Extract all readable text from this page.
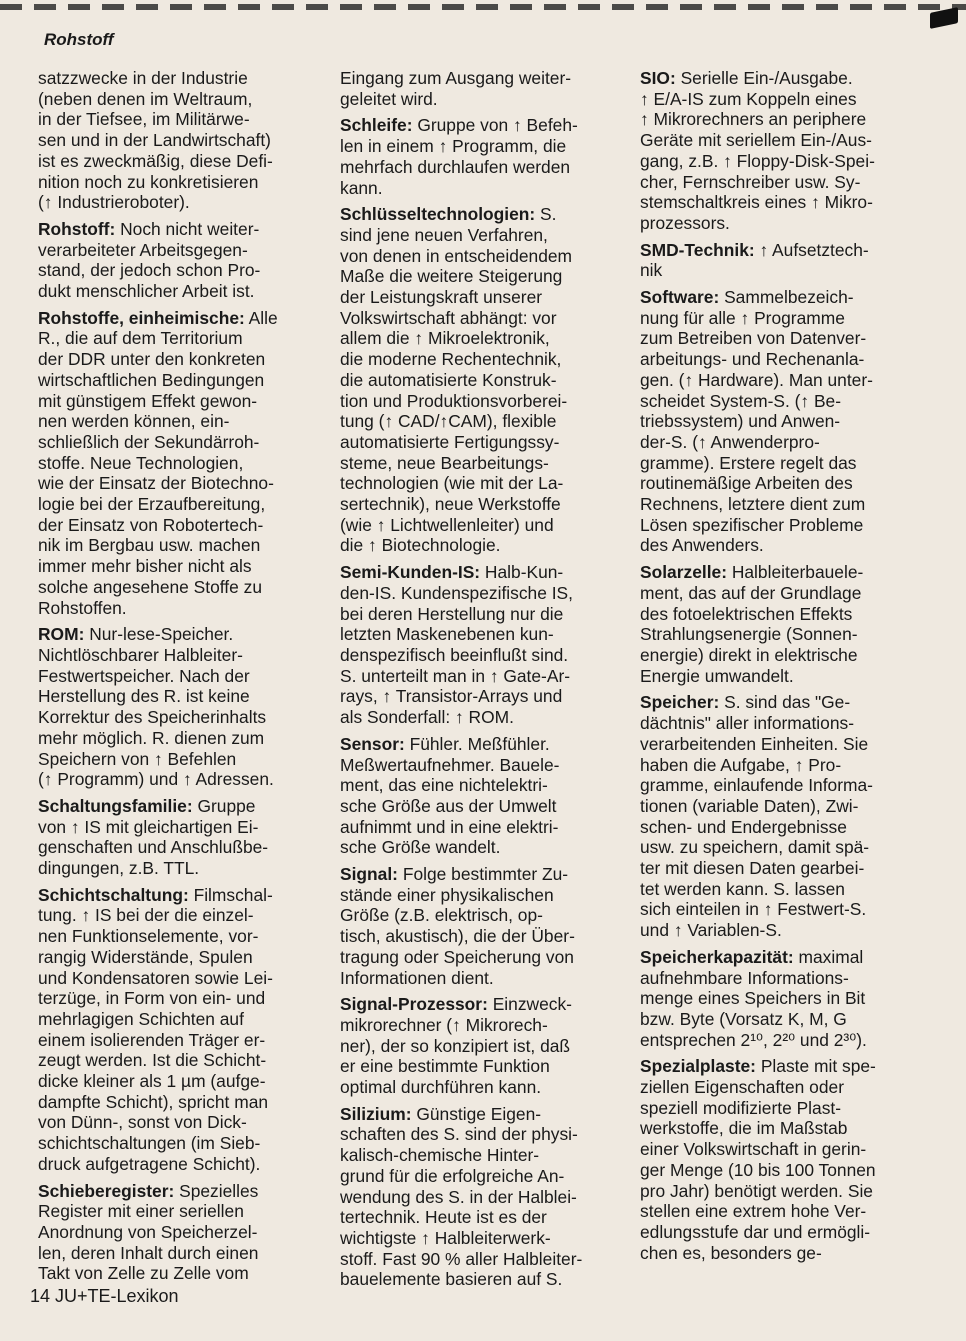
Rohstoff
satzzwecke in der Industrie
(neben denen im Weltraum,
in der Tiefsee, im Militärwe-
sen und in der Landwirtschaft)
ist es zweckmäßig, diese Defi-
nition noch zu konkretisieren
(↑ Industrieroboter).
Rohstoff: Noch nicht weiter-
verarbeiteter Arbeitsgegen-
stand, der jedoch schon Pro-
dukt menschlicher Arbeit ist.
Rohstoffe, einheimische: Alle
R., die auf dem Territorium
der DDR unter den konkreten
wirtschaftlichen Bedingungen
mit günstigem Effekt gewon-
nen werden können, ein-
schließlich der Sekundärroh-
stoffe. Neue Technologien,
wie der Einsatz der Biotechno-
logie bei der Erzaufbereitung,
der Einsatz von Robotertech-
nik im Bergbau usw. machen
immer mehr bisher nicht als
solche angesehene Stoffe zu
Rohstoffen.
ROM: Nur-lese-Speicher.
Nichtlöschbarer Halbleiter-
Festwertspeicher. Nach der
Herstellung des R. ist keine
Korrektur des Speicherinhalts
mehr möglich. R. dienen zum
Speichern von ↑ Befehlen
(↑ Programm) und ↑ Adressen.
Schaltungsfamilie: Gruppe
von ↑ IS mit gleichartigen Ei-
genschaften und Anschlußbe-
dingungen, z.B. TTL.
Schichtschaltung: Filmschal-
tung. ↑ IS bei der die einzel-
nen Funktionselemente, vor-
rangig Widerstände, Spulen
und Kondensatoren sowie Lei-
terzüge, in Form von ein- und
mehrlagigen Schichten auf
einem isolierenden Träger er-
zeugt werden. Ist die Schicht-
dicke kleiner als 1 µm (aufge-
dampfte Schicht), spricht man
von Dünn-, sonst von Dick-
schichtschaltungen (im Sieb-
druck aufgetragene Schicht).
Schieberegister: Spezielles
Register mit einer seriellen
Anordnung von Speicherzel-
len, deren Inhalt durch einen
Takt von Zelle zu Zelle vom
Eingang zum Ausgang weiter-
geleitet wird.
Schleife: Gruppe von ↑ Befeh-
len in einem ↑ Programm, die
mehrfach durchlaufen werden
kann.
Schlüsseltechnologien: S.
sind jene neuen Verfahren,
von denen in entscheidendem
Maße die weitere Steigerung
der Leistungskraft unserer
Volkswirtschaft abhängt: vor
allem die ↑ Mikroelektronik,
die moderne Rechentechnik,
die automatisierte Konstruk-
tion und Produktionsvorberei-
tung (↑ CAD/↑CAM), flexible
automatisierte Fertigungssy-
steme, neue Bearbeitungs-
technologien (wie mit der La-
sertechnik), neue Werkstoffe
(wie ↑ Lichtwellenleiter) und
die ↑ Biotechnologie.
Semi-Kunden-IS: Halb-Kun-
den-IS. Kundenspezifische IS,
bei deren Herstellung nur die
letzten Maskenebenen kun-
denspezifisch beeinflußt sind.
S. unterteilt man in ↑ Gate-Ar-
rays, ↑ Transistor-Arrays und
als Sonderfall: ↑ ROM.
Sensor: Fühler. Meßfühler.
Meßwertaufnehmer. Bauele-
ment, das eine nichtelektri-
sche Größe aus der Umwelt
aufnimmt und in eine elektri-
sche Größe wandelt.
Signal: Folge bestimmter Zu-
stände einer physikalischen
Größe (z.B. elektrisch, op-
tisch, akustisch), die der Über-
tragung oder Speicherung von
Informationen dient.
Signal-Prozessor: Einzweck-
mikrorechner (↑ Mikrorech-
ner), der so konzipiert ist, daß
er eine bestimmte Funktion
optimal durchführen kann.
Silizium: Günstige Eigen-
schaften des S. sind der physi-
kalisch-chemische Hinter-
grund für die erfolgreiche An-
wendung des S. in der Halblei-
tertechnik. Heute ist es der
wichtigste ↑ Halbleiterwerk-
stoff. Fast 90 % aller Halbleiter-
bauelemente basieren auf S.
SIO: Serielle Ein-/Ausgabe.
↑ E/A-IS zum Koppeln eines
↑ Mikrorechners an periphere
Geräte mit seriellem Ein-/Aus-
gang, z.B. ↑ Floppy-Disk-Spei-
cher, Fernschreiber usw. Sy-
stemschaltkreis eines ↑ Mikro-
prozessors.
SMD-Technik: ↑ Aufsetztech-
nik
Software: Sammelbezeich-
nung für alle ↑ Programme
zum Betreiben von Datenver-
arbeitungs- und Rechenanla-
gen. (↑ Hardware). Man unter-
scheidet System-S. (↑ Be-
triebssystem) und Anwen-
der-S. (↑ Anwenderpro-
gramme). Erstere regelt das
routinemäßige Arbeiten des
Rechnens, letztere dient zum
Lösen spezifischer Probleme
des Anwenders.
Solarzelle: Halbleiterbauele-
ment, das auf der Grundlage
des fotoelektrischen Effekts
Strahlungsenergie (Sonnen-
energie) direkt in elektrische
Energie umwandelt.
Speicher: S. sind das "Ge-
dächtnis" aller informations-
verarbeitenden Einheiten. Sie
haben die Aufgabe, ↑ Pro-
gramme, einlaufende Informa-
tionen (variable Daten), Zwi-
schen- und Endergebnisse
usw. zu speichern, damit spä-
ter mit diesen Daten gearbei-
tet werden kann. S. lassen
sich einteilen in ↑ Festwert-S.
und ↑ Variablen-S.
Speicherkapazität: maximal
aufnehmbare Informations-
menge eines Speichers in Bit
bzw. Byte (Vorsatz K, M, G
entsprechen 2¹⁰, 2²⁰ und 2³⁰).
Spezialplaste: Plaste mit spe-
ziellen Eigenschaften oder
speziell modifizierte Plast-
werkstoffe, die im Maßstab
einer Volkswirtschaft in gerin-
ger Menge (10 bis 100 Tonnen
pro Jahr) benötigt werden. Sie
stellen eine extrem hohe Ver-
edlungsstufe dar und ermögli-
chen es, besonders ge-
14 JU+TE-Lexikon
